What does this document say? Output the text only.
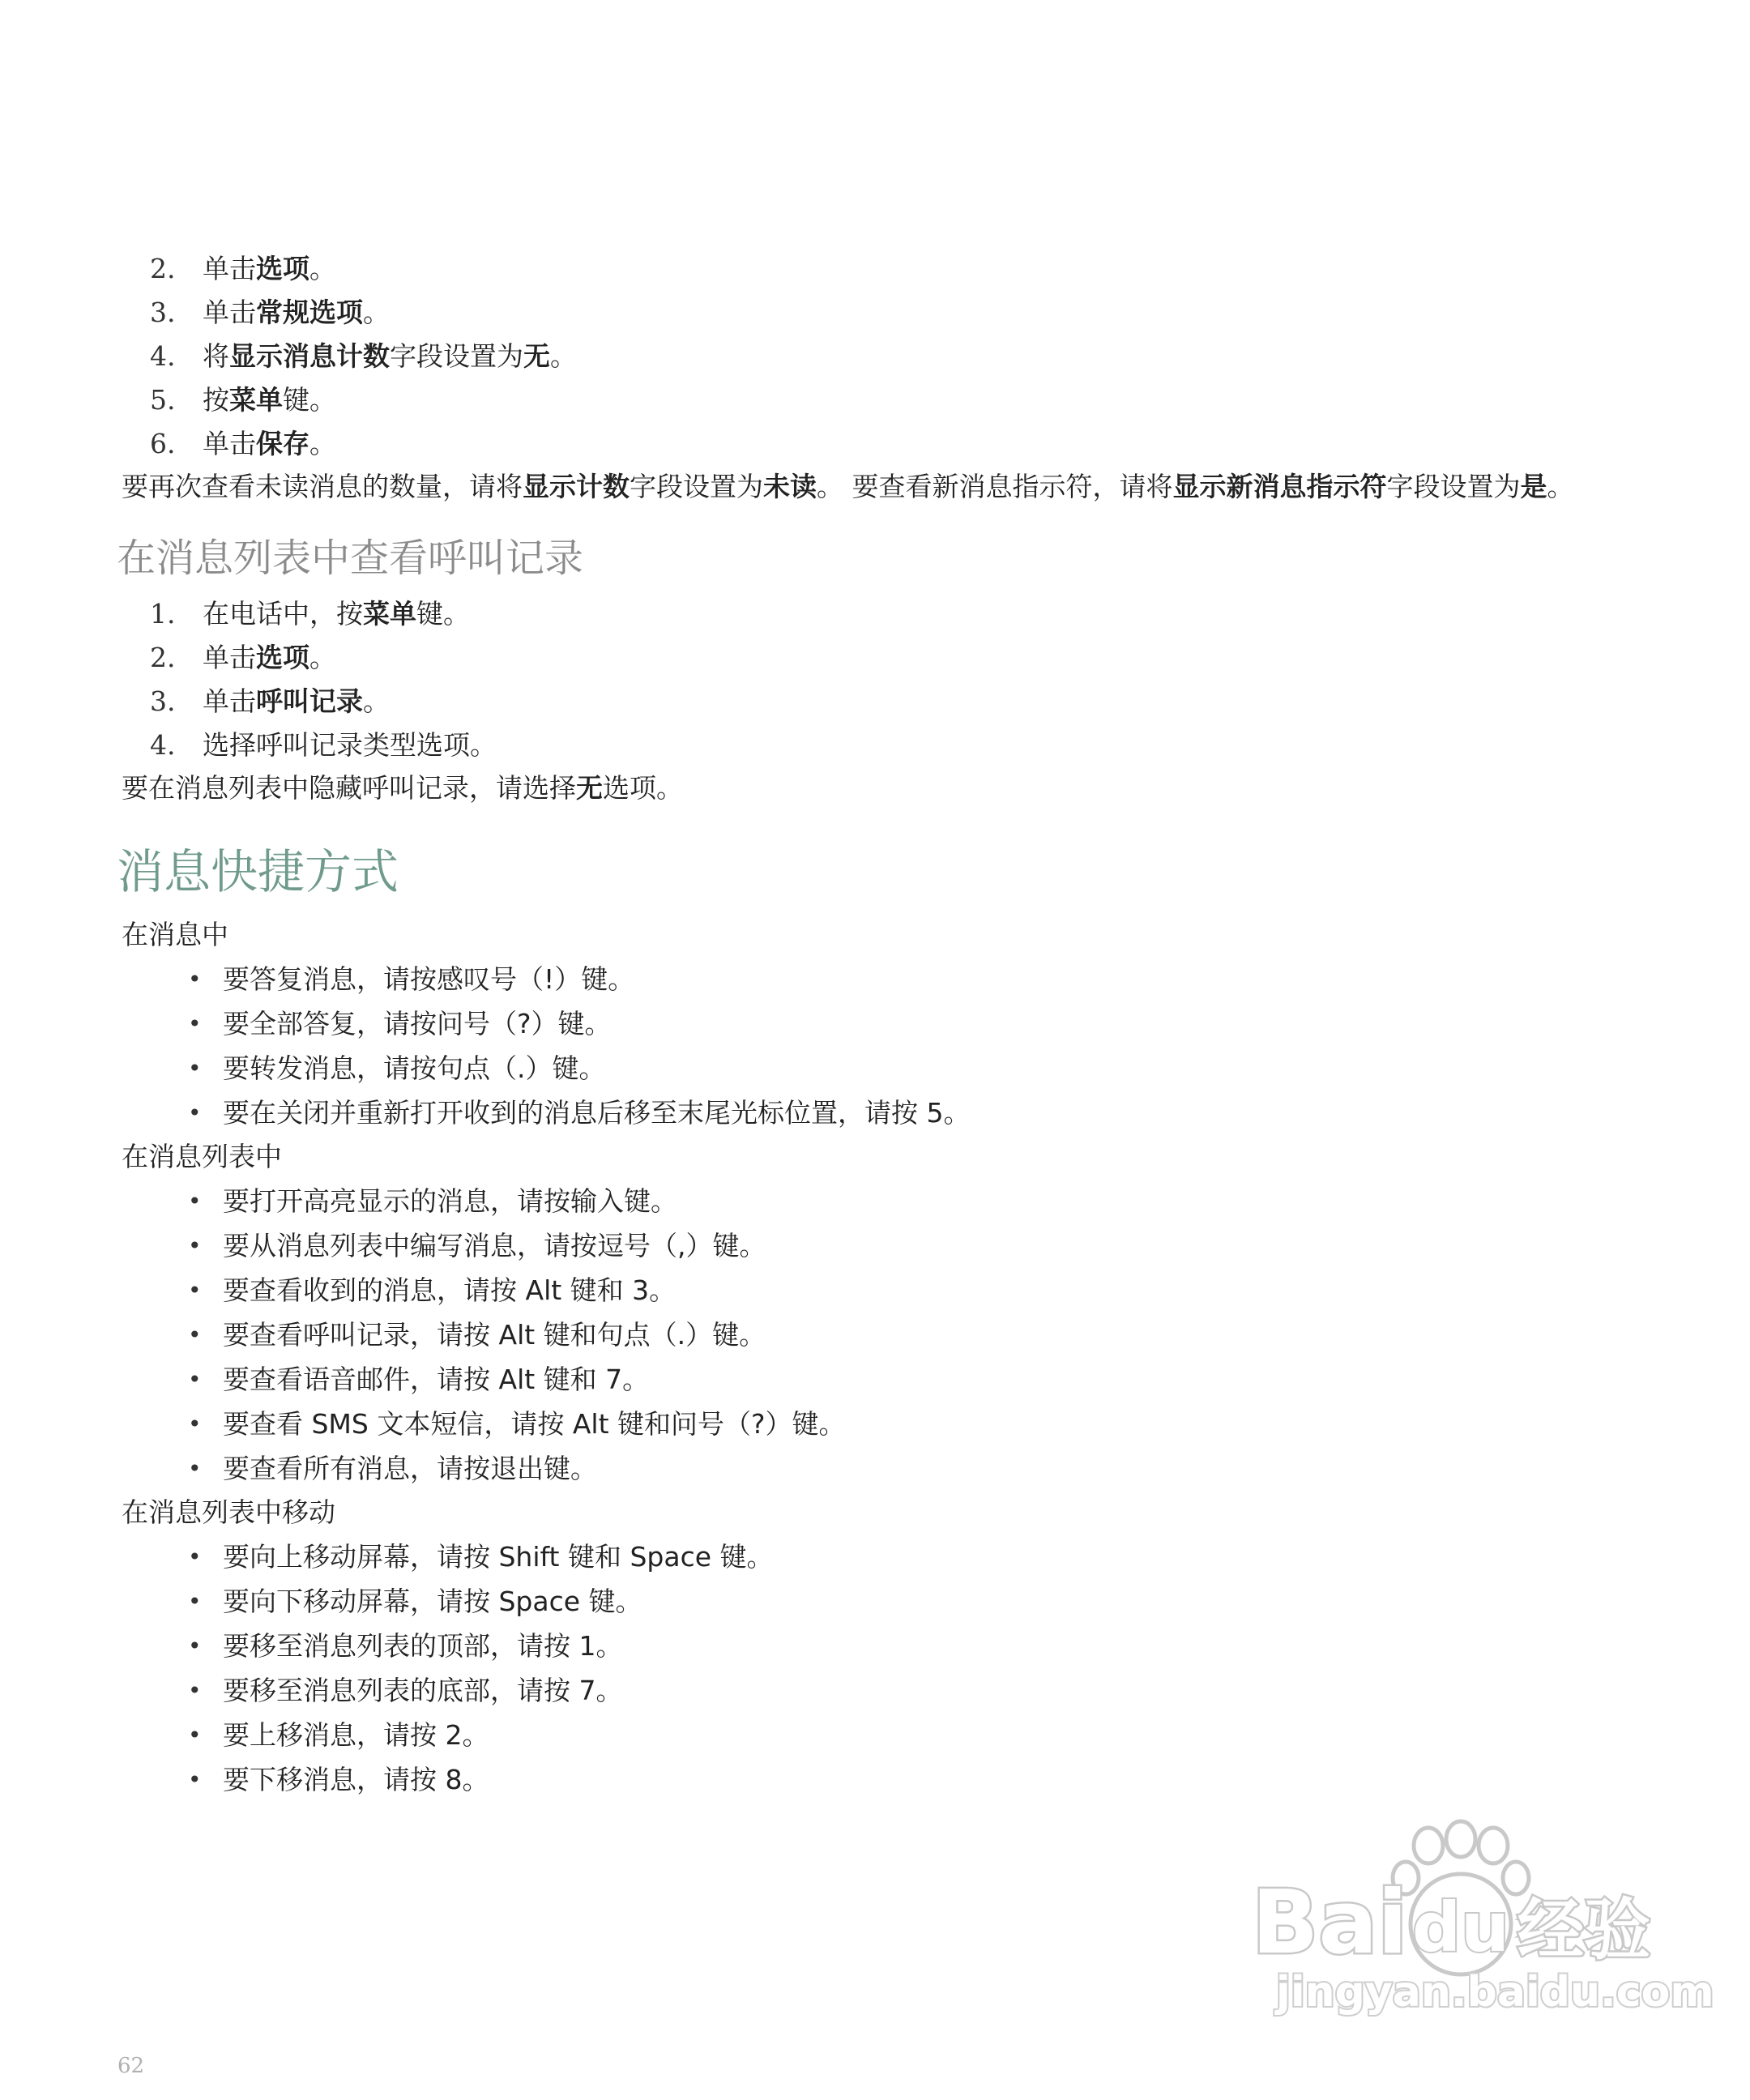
2. 单击选项。
3. 单击常规选项。
4. 将显示消息计数字段设置为无。
5. 按菜单键。
6. 单击保存。

要再次查看未读消息的数量，请将显示计数字段设置为未读。 要查看新消息指示符，请将显示新消息指示符字段设置为是。

在消息列表中查看呼叫记录
1. 在电话中，按菜单键。
2. 单击选项。
3. 单击呼叫记录。
4. 选择呼叫记录类型选项。

要在消息列表中隐藏呼叫记录，请选择无选项。

消息快捷方式
在消息中
• 要答复消息，请按感叹号（!）键。
• 要全部答复，请按问号（?）键。
• 要转发消息，请按句点（.）键。
• 要在关闭并重新打开收到的消息后移至末尾光标位置，请按 5。
在消息列表中
• 要打开高亮显示的消息，请按输入键。
• 要从消息列表中编写消息，请按逗号（,）键。
• 要查看收到的消息，请按 Alt 键和 3。
• 要查看呼叫记录，请按 Alt 键和句点（.）键。
• 要查看语音邮件，请按 Alt 键和 7。
• 要查看 SMS 文本短信，请按 Alt 键和问号（?）键。
• 要查看所有消息，请按退出键。
在消息列表中移动
• 要向上移动屏幕，请按 Shift 键和 Space 键。
• 要向下移动屏幕，请按 Space 键。
• 要移至消息列表的顶部，请按 1。
• 要移至消息列表的底部，请按 7。
• 要上移消息，请按 2。
• 要下移消息，请按 8。
Bai du 经验
jingyan.baidu.com
62
